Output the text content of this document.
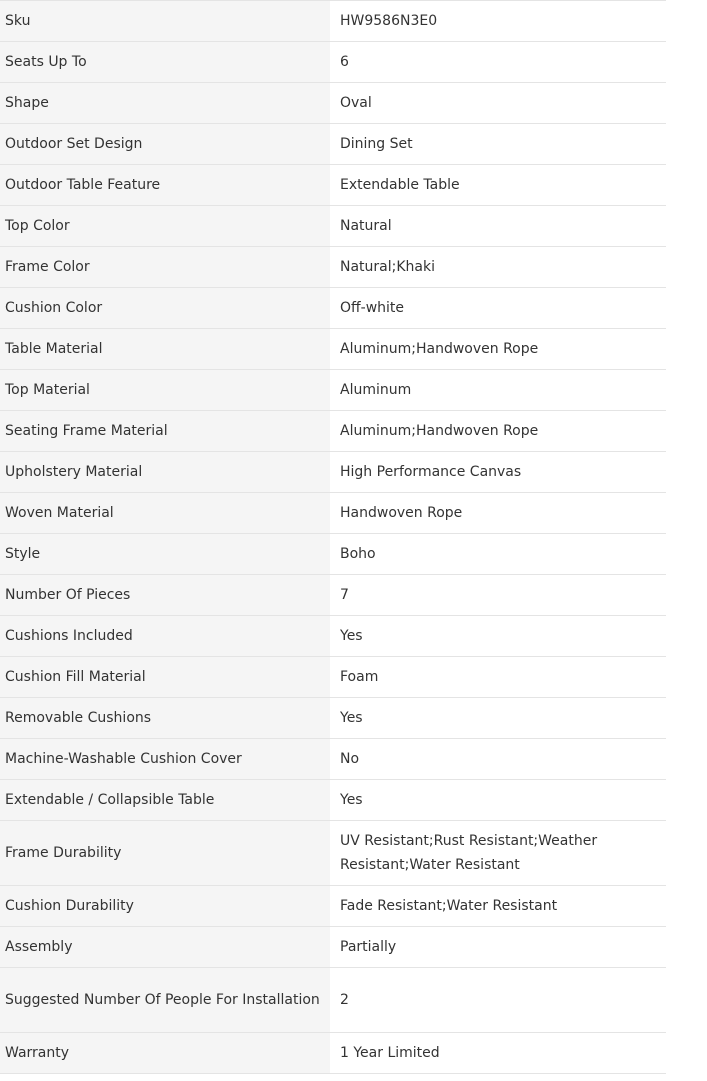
Sku	HW9586N3E0
Seats Up To	6
Shape	Oval
Outdoor Set Design	Dining Set
Outdoor Table Feature	Extendable Table
Top Color	Natural
Frame Color	Natural;Khaki
Cushion Color	Off-white
Table Material	Aluminum;Handwoven Rope
Top Material	Aluminum
Seating Frame Material	Aluminum;Handwoven Rope
Upholstery Material	High Performance Canvas
Woven Material	Handwoven Rope
Style	Boho
Number Of Pieces	7
Cushions Included	Yes
Cushion Fill Material	Foam
Removable Cushions	Yes
Machine-Washable Cushion Cover	No
Extendable / Collapsible Table	Yes
Frame Durability	UV Resistant;Rust Resistant;Weather Resistant;Water Resistant
Cushion Durability	Fade Resistant;Water Resistant
Assembly	Partially
Suggested Number Of People For Installation	2
Warranty	1 Year Limited
